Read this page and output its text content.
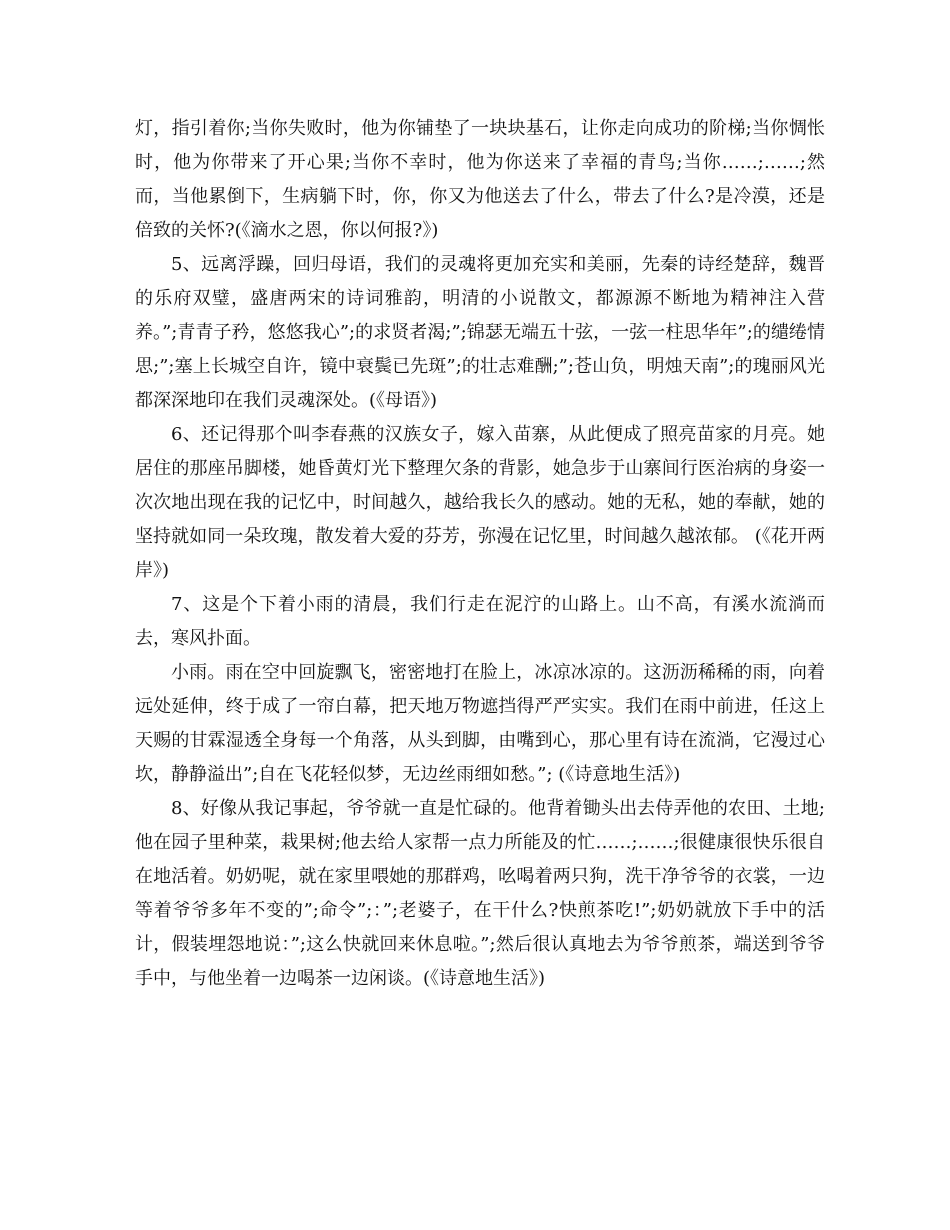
灯，指引着你;当你失败时，他为你铺垫了一块块基石，让你走向成功的阶梯;当你惆怅时，他为你带来了开心果;当你不幸时，他为你送来了幸福的青鸟;当你……;……;然而，当他累倒下，生病躺下时，你，你又为他送去了什么，带去了什么?是冷漠，还是倍致的关怀?(《滴水之恩，你以何报?》)

5、远离浮躁，回归母语，我们的灵魂将更加充实和美丽，先秦的诗经楚辞，魏晋的乐府双璧，盛唐两宋的诗词雅韵，明清的小说散文，都源源不断地为精神注入营养。”;青青子矜，悠悠我心”;的求贤者渴;”;锦瑟无端五十弦，一弦一柱思华年”;的缱绻情思;”;塞上长城空自许，镜中衰鬓已先斑”;的壮志难酬;”;苍山负，明烛天南”;的瑰丽风光都深深地印在我们灵魂深处。(《母语》)

6、还记得那个叫李春燕的汉族女子，嫁入苗寨，从此便成了照亮苗家的月亮。她居住的那座吊脚楼，她昏黄灯光下整理欠条的背影，她急步于山寨间行医治病的身姿一次次地出现在我的记忆中，时间越久，越给我长久的感动。她的无私，她的奉献，她的坚持就如同一朵玫瑰，散发着大爱的芬芳，弥漫在记忆里，时间越久越浓郁。 (《花开两岸》)

7、这是个下着小雨的清晨，我们行走在泥泞的山路上。山不高，有溪水流淌而去，寒风扑面。

小雨。雨在空中回旋飘飞，密密地打在脸上，冰凉冰凉的。这沥沥稀稀的雨，向着远处延伸，终于成了一帘白幕，把天地万物遮挡得严严实实。我们在雨中前进，任这上天赐的甘霖湿透全身每一个角落，从头到脚，由嘴到心，那心里有诗在流淌，它漫过心坎，静静溢出”;自在飞花轻似梦，无边丝雨细如愁。”; (《诗意地生活》)

8、好像从我记事起，爷爷就一直是忙碌的。他背着锄头出去侍弄他的农田、土地;他在园子里种菜，栽果树;他去给人家帮一点力所能及的忙……;……;很健康很快乐很自在地活着。奶奶呢，就在家里喂她的那群鸡，吆喝着两只狗，洗干净爷爷的衣裳，一边等着爷爷多年不变的”;命令”;：”;老婆子，在干什么?快煎茶吃!”;奶奶就放下手中的活计，假装埋怨地说：”;这么快就回来休息啦。”;然后很认真地去为爷爷煎茶，端送到爷爷手中，与他坐着一边喝茶一边闲谈。(《诗意地生活》)
